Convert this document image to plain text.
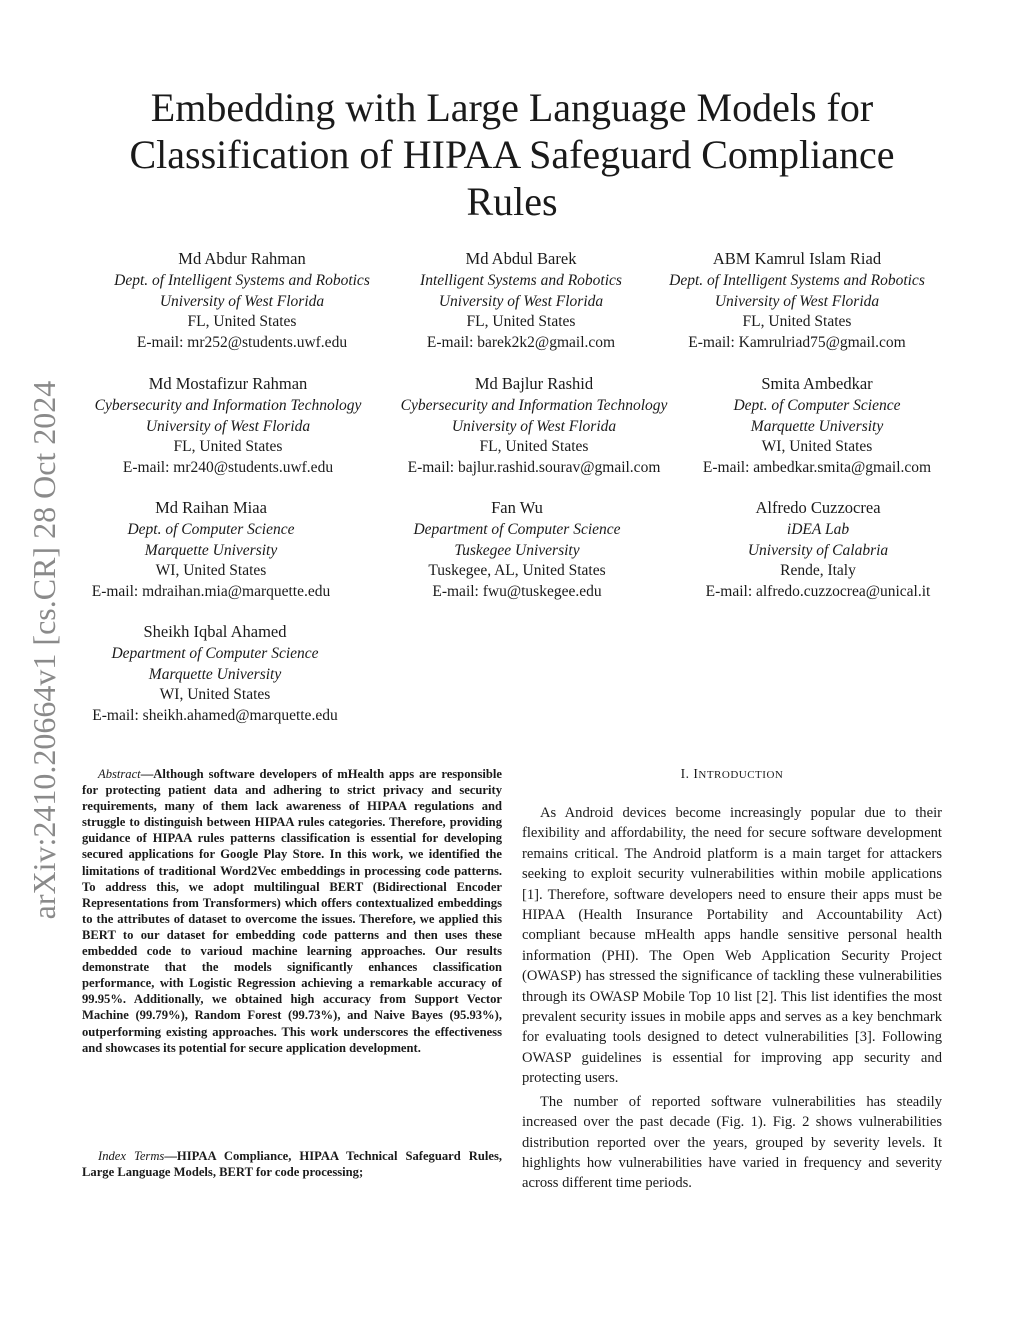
arXiv:2410.20664v1 [cs.CR] 28 Oct 2024
Embedding with Large Language Models for Classification of HIPAA Safeguard Compliance Rules
Md Abdur Rahman
Dept. of Intelligent Systems and Robotics
University of West Florida
FL, United States
E-mail: mr252@students.uwf.edu
Md Abdul Barek
Intelligent Systems and Robotics
University of West Florida
FL, United States
E-mail: barek2k2@gmail.com
ABM Kamrul Islam Riad
Dept. of Intelligent Systems and Robotics
University of West Florida
FL, United States
E-mail: Kamrulriad75@gmail.com
Md Mostafizur Rahman
Cybersecurity and Information Technology
University of West Florida
FL, United States
E-mail: mr240@students.uwf.edu
Md Bajlur Rashid
Cybersecurity and Information Technology
University of West Florida
FL, United States
E-mail: bajlur.rashid.sourav@gmail.com
Smita Ambedkar
Dept. of Computer Science
Marquette University
WI, United States
E-mail: ambedkar.smita@gmail.com
Md Raihan Miaa
Dept. of Computer Science
Marquette University
WI, United States
E-mail: mdraihan.mia@marquette.edu
Fan Wu
Department of Computer Science
Tuskegee University
Tuskegee, AL, United States
E-mail: fwu@tuskegee.edu
Alfredo Cuzzocrea
iDEA Lab
University of Calabria
Rende, Italy
E-mail: alfredo.cuzzocrea@unical.it
Sheikh Iqbal Ahamed
Department of Computer Science
Marquette University
WI, United States
E-mail: sheikh.ahamed@marquette.edu

Abstract—Although software developers of mHealth apps are responsible for protecting patient data and adhering to strict privacy and security requirements, many of them lack awareness of HIPAA regulations and struggle to distinguish between HIPAA rules categories. Therefore, providing guidance of HIPAA rules patterns classification is essential for developing secured applications for Google Play Store. In this work, we identified the limitations of traditional Word2Vec embeddings in processing code patterns. To address this, we adopt multilingual BERT (Bidirectional Encoder Representations from Transformers) which offers contextualized embeddings to the attributes of dataset to overcome the issues. Therefore, we applied this BERT to our dataset for embedding code patterns and then uses these embedded code to varioud machine learning approaches. Our results demonstrate that the models significantly enhances classification performance, with Logistic Regression achieving a remarkable accuracy of 99.95%. Additionally, we obtained high accuracy from Support Vector Machine (99.79%), Random Forest (99.73%), and Naive Bayes (95.93%), outperforming existing approaches. This work underscores the effectiveness and showcases its potential for secure application development.

Index Terms—HIPAA Compliance, HIPAA Technical Safeguard Rules, Large Language Models, BERT for code processing;

I. INTRODUCTION

As Android devices become increasingly popular due to their flexibility and affordability, the need for secure software development remains critical. The Android platform is a main target for attackers seeking to exploit security vulnerabilities within mobile applications [1]. Therefore, software developers need to ensure their apps must be HIPAA (Health Insurance Portability and Accountability Act) compliant because mHealth apps handle sensitive personal health information (PHI). The Open Web Application Security Project (OWASP) has stressed the significance of tackling these vulnerabilities through its OWASP Mobile Top 10 list [2]. This list identifies the most prevalent security issues in mobile apps and serves as a key benchmark for evaluating tools designed to detect vulnerabilities [3]. Following OWASP guidelines is essential for improving app security and protecting users.

The number of reported software vulnerabilities has steadily increased over the past decade (Fig. 1). Fig. 2 shows vulnerabilities distribution reported over the years, grouped by severity levels. It highlights how vulnerabilities have varied in frequency and severity across different time periods.
